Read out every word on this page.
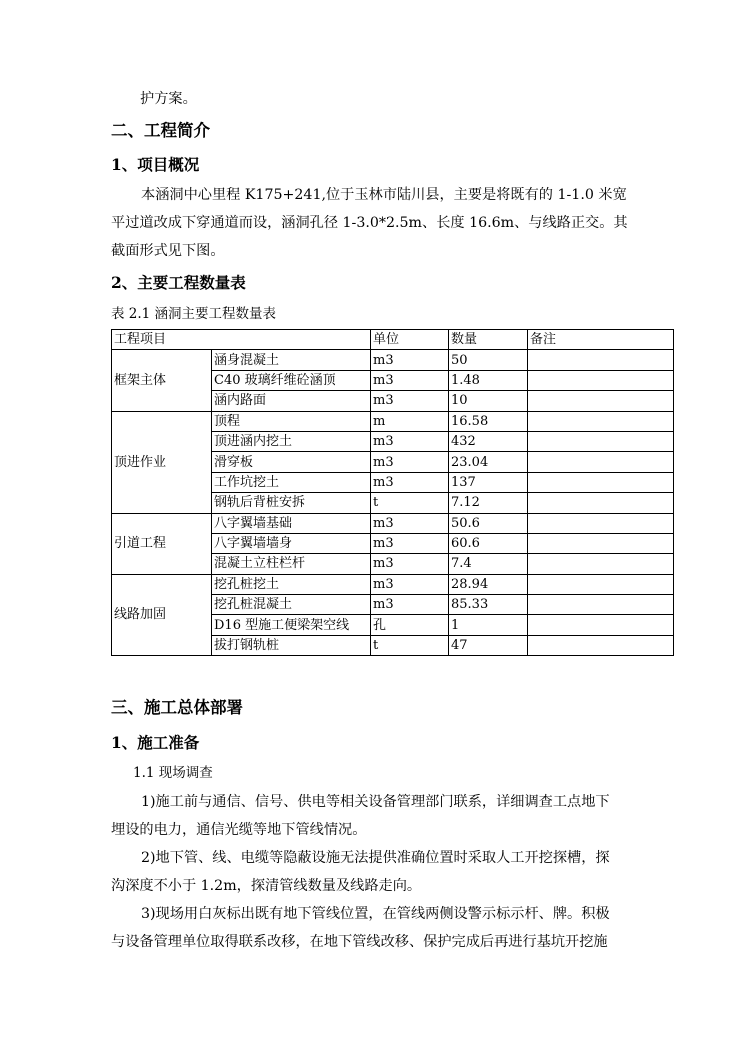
护方案。
二、工程简介
1、项目概况
本涵洞中心里程 K175+241,位于玉林市陆川县，主要是将既有的 1-1.0 米宽
平过道改成下穿通道而设，涵洞孔径 1-3.0*2.5m、长度 16.6m、与线路正交。其
截面形式见下图。
2、主要工程数量表
表 2.1 涵洞主要工程数量表
工程项目		单位	数量	备注
框架主体	涵身混凝土	m3	50	
	C40 玻璃纤维砼涵顶	m3	1.48	
	涵内路面	m3	10	
顶进作业	顶程	m	16.58	
	顶进涵内挖土	m3	432	
	滑穿板	m3	23.04	
	工作坑挖土	m3	137	
	钢轨后背桩安拆	t	7.12	
引道工程	八字翼墙基础	m3	50.6	
	八字翼墙墙身	m3	60.6	
	混凝土立柱栏杆	m3	7.4	
线路加固	挖孔桩挖土	m3	28.94	
	挖孔桩混凝土	m3	85.33	
	D16 型施工便梁架空线	孔	1	
	拔打钢轨桩	t	47	
三、施工总体部署
1、施工准备
1.1 现场调查
1)施工前与通信、信号、供电等相关设备管理部门联系，详细调查工点地下
埋设的电力，通信光缆等地下管线情况。
2)地下管、线、电缆等隐蔽设施无法提供准确位置时采取人工开挖探槽，探
沟深度不小于 1.2m，探清管线数量及线路走向。
3)现场用白灰标出既有地下管线位置，在管线两侧设警示标示杆、牌。积极
与设备管理单位取得联系改移，在地下管线改移、保护完成后再进行基坑开挖施
